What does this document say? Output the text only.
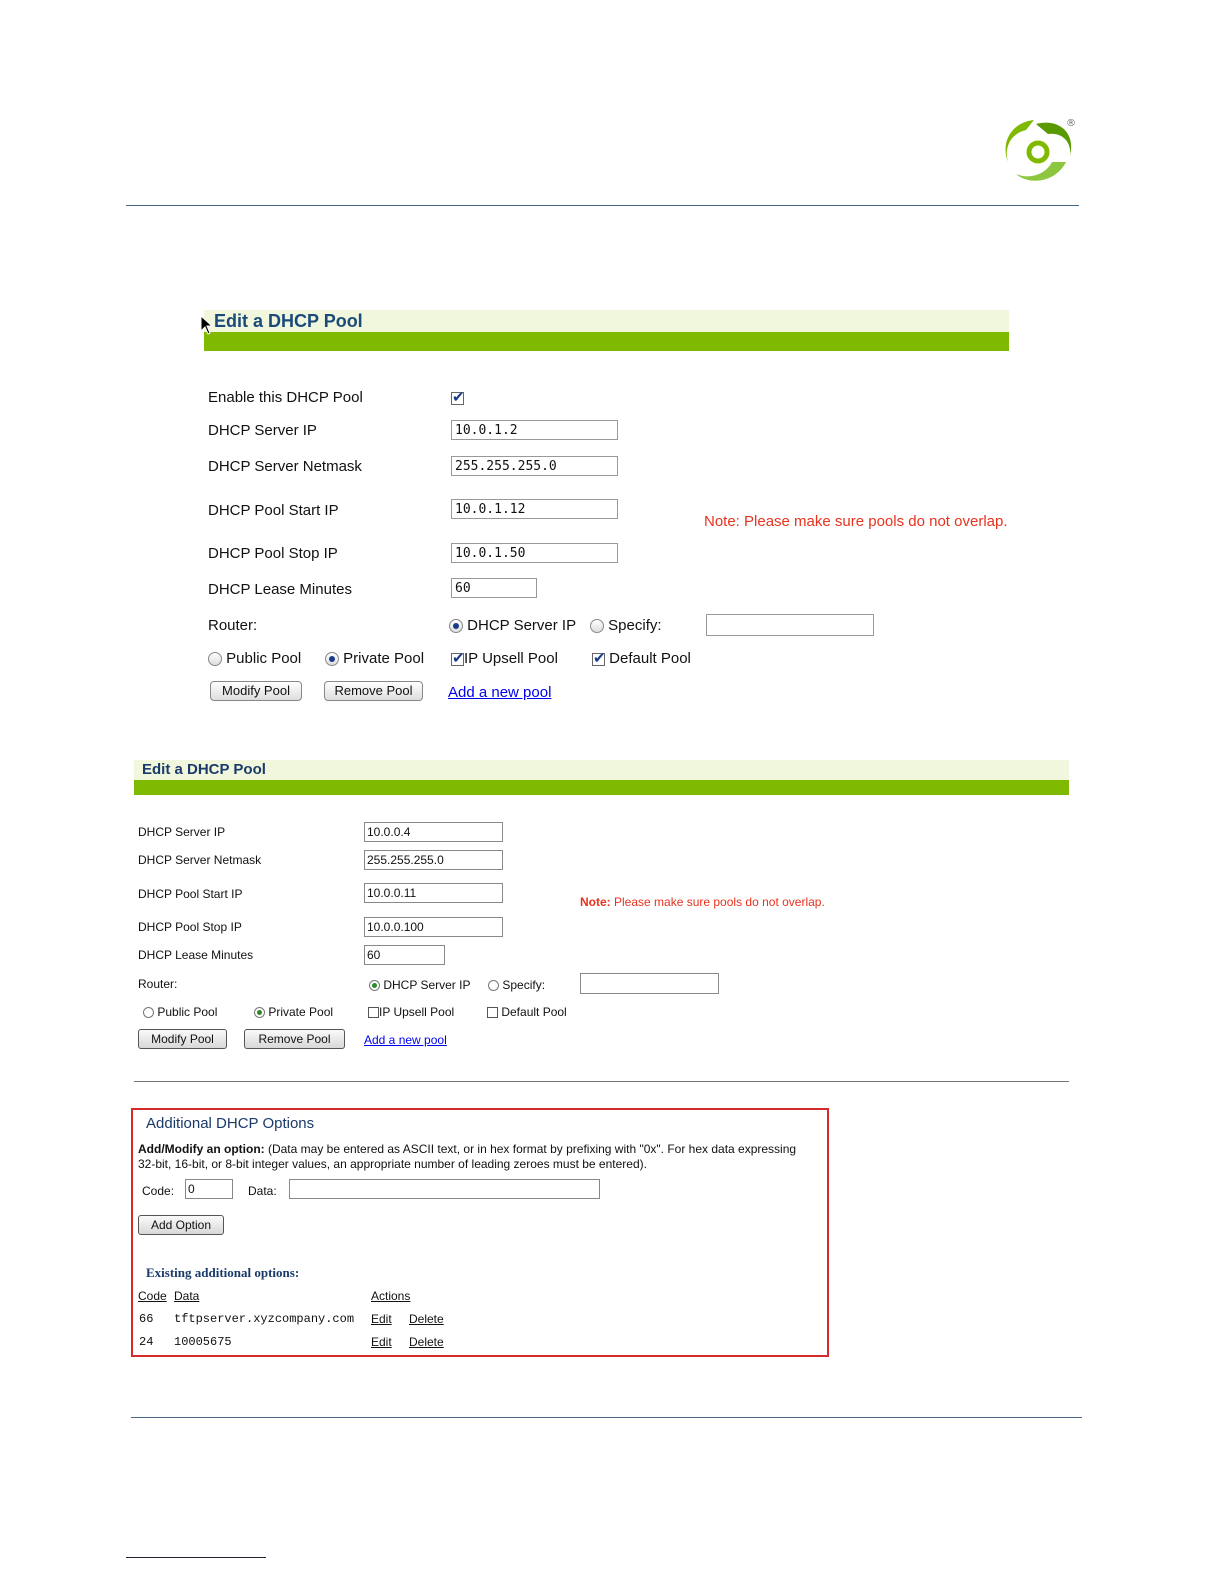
®
Edit a DHCP Pool
Enable this DHCP Pool
✔
DHCP Server IP	10.0.1.2
DHCP Server Netmask	255.255.255.0
DHCP Pool Start IP	10.0.1.12
Note: Please make sure pools do not overlap.
DHCP Pool Stop IP	10.0.1.50
DHCP Lease Minutes	60
Router:	DHCP Server IP	Specify:
Public Pool	Private Pool ✔	IP Upsell Pool ✔	Default Pool
Modify Pool	Remove Pool	Add a new pool
Edit a DHCP Pool
DHCP Server IP	10.0.0.4
DHCP Server Netmask	255.255.255.0
DHCP Pool Start IP	10.0.0.11
Note: Please make sure pools do not overlap.
DHCP Pool Stop IP	10.0.0.100
DHCP Lease Minutes	60
Router:	DHCP Server IP	Specify:
Public Pool	Private Pool	IP Upsell Pool	Default Pool
Modify Pool	Remove Pool	Add a new pool
Additional DHCP Options
Add/Modify an option: (Data may be entered as ASCII text, or in hex format by prefixing with "0x". For hex data expressing
32-bit, 16-bit, or 8-bit integer values, an appropriate number of leading zeroes must be entered).
Code: 0	Data:
Add Option
Existing additional options:
Code Data	Actions
66 tftpserver.xyzcompany.com Edit Delete
24 10005675	Edit Delete
